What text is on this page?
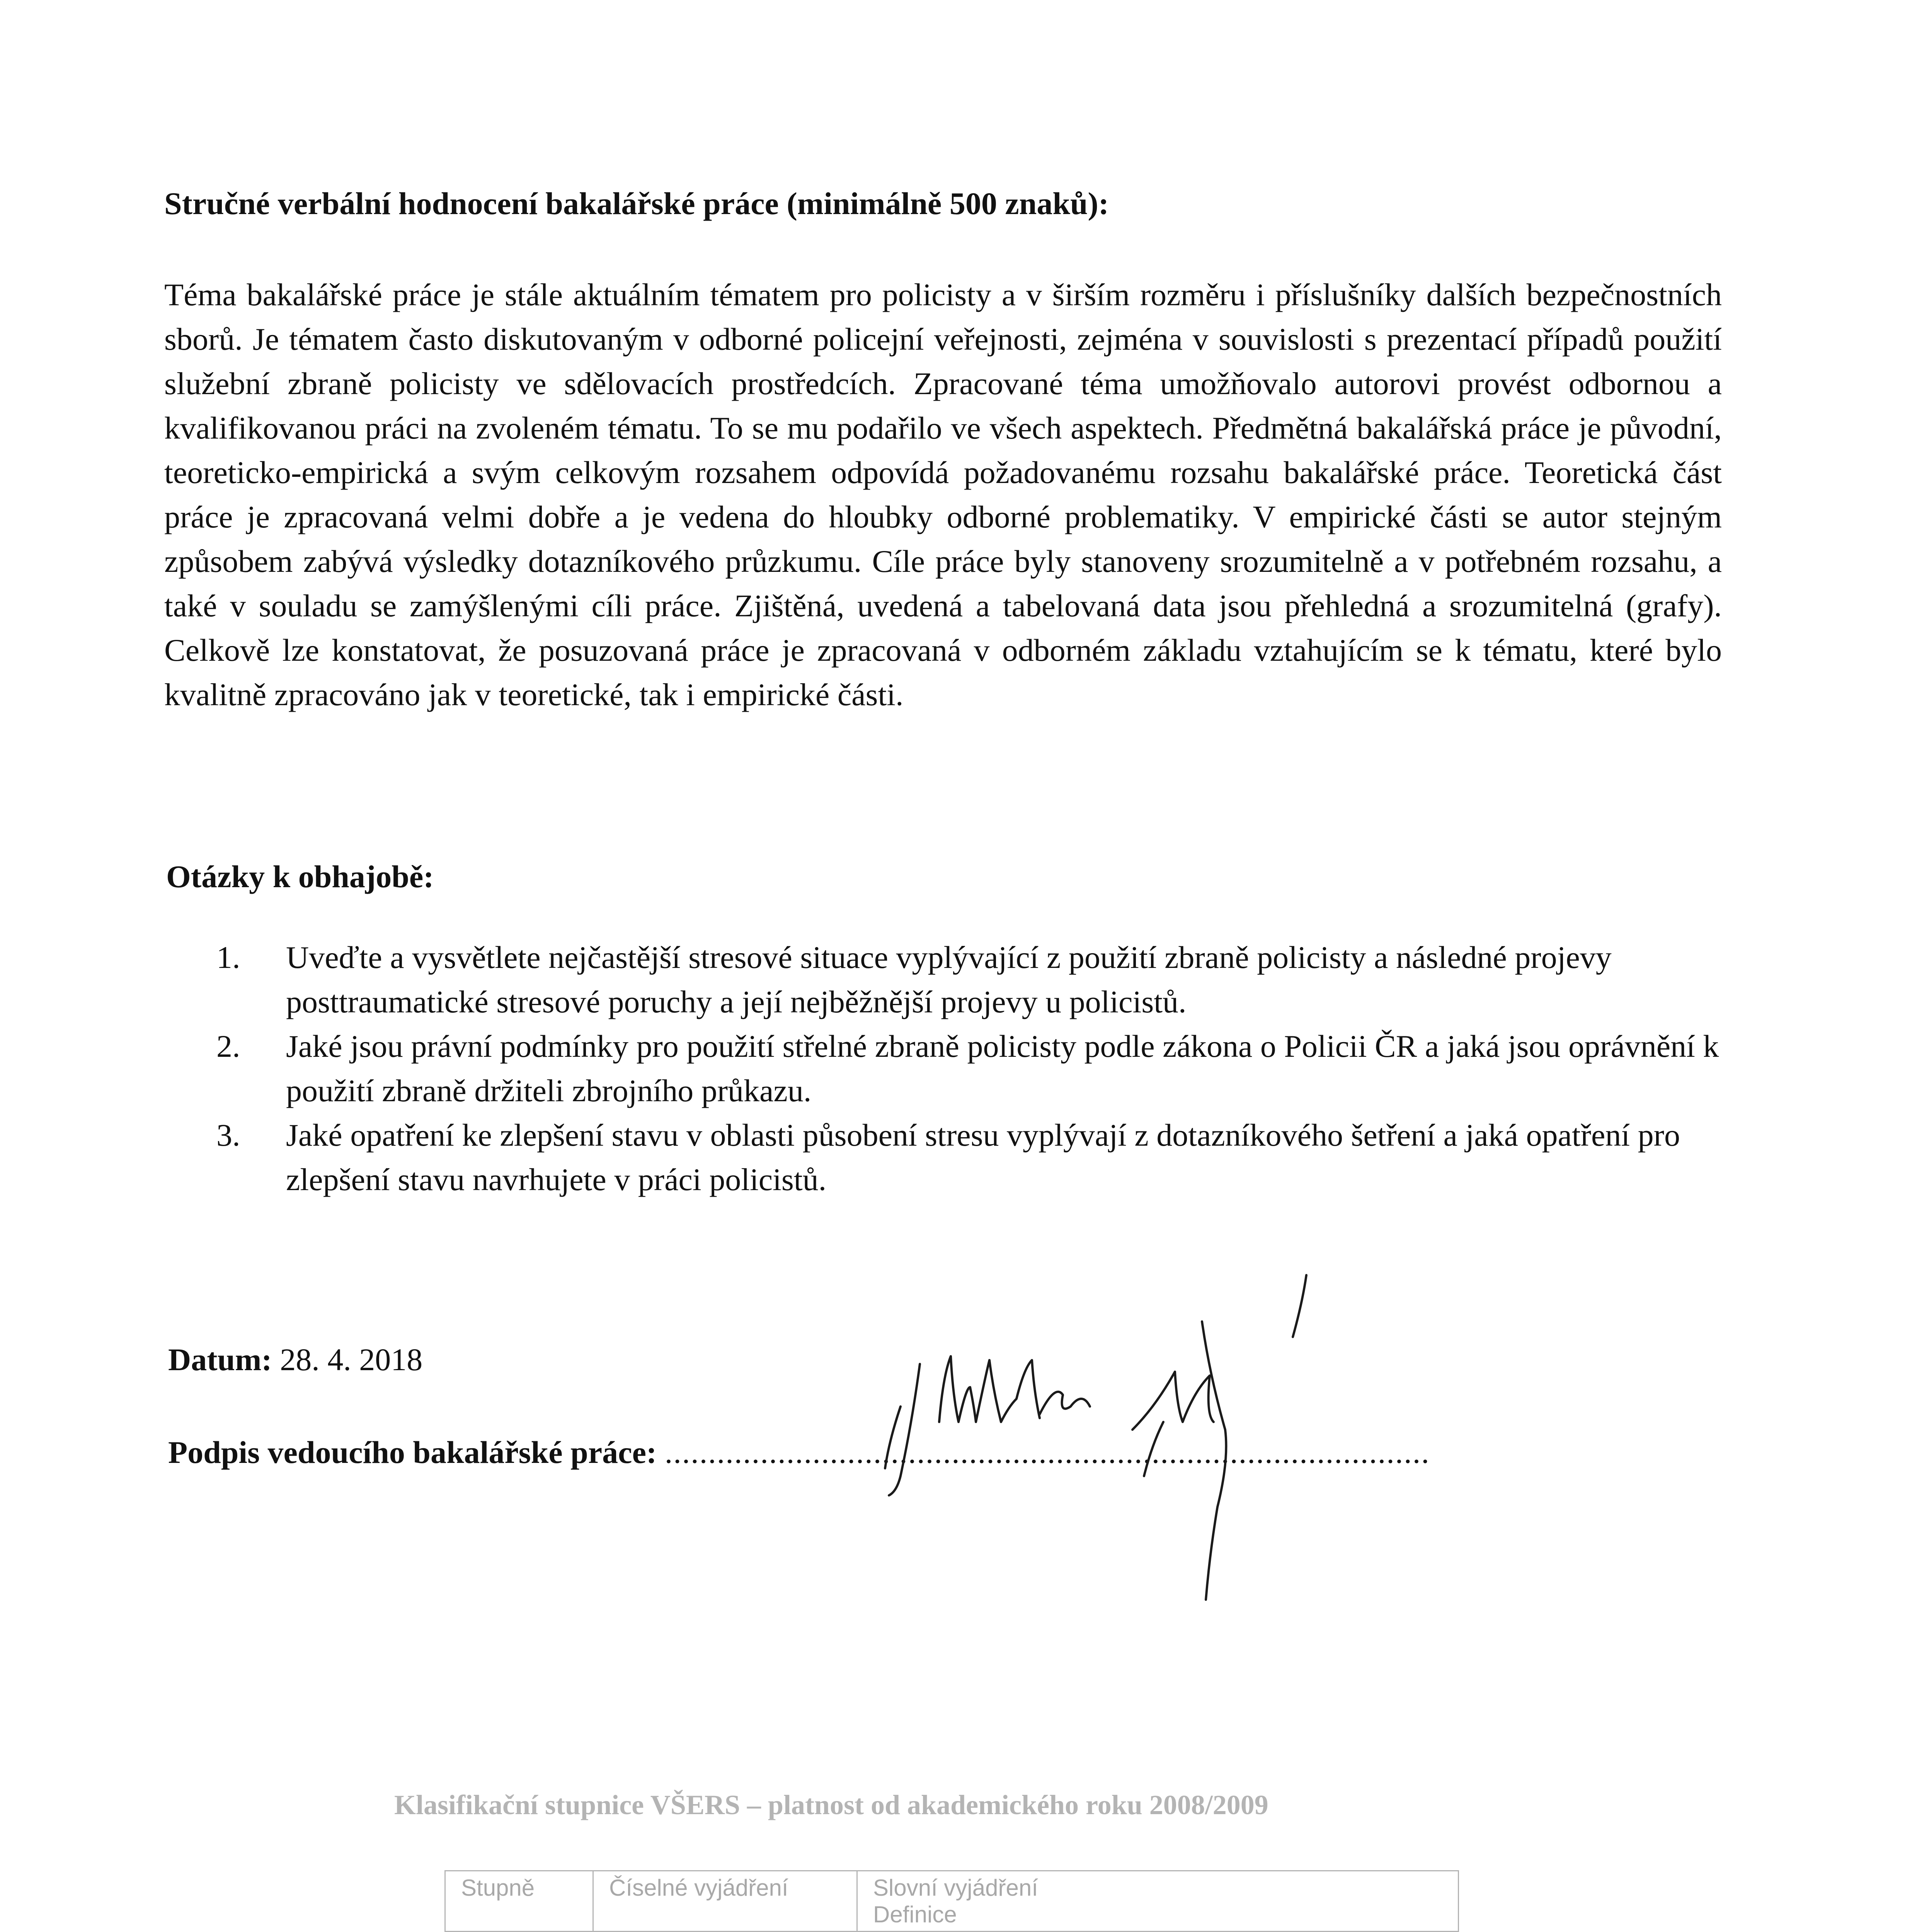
Stručné verbální hodnocení bakalářské práce (minimálně 500 znaků):

Téma bakalářské práce je stále aktuálním tématem pro policisty a v širším rozměru i příslušníky dalších bezpečnostních sborů. Je tématem často diskutovaným v odborné policejní veřejnosti, zejména v souvislosti s prezentací případů použití služební zbraně policisty ve sdělovacích prostředcích. Zpracované téma umožňovalo autorovi provést odbornou a kvalifikovanou práci na zvoleném tématu. To se mu podařilo ve všech aspektech. Předmětná bakalářská práce je původní, teoreticko-empirická a svým celkovým rozsahem odpovídá požadovanému rozsahu bakalářské práce. Teoretická část práce je zpracovaná velmi dobře a je vedena do hloubky odborné problematiky. V empirické části se autor stejným způsobem zabývá výsledky dotazníkového průzkumu. Cíle práce byly stanoveny srozumitelně a v potřebném rozsahu, a také v souladu se zamýšlenými cíli práce. Zjištěná, uvedená a tabelovaná data jsou přehledná a srozumitelná (grafy). Celkově lze konstatovat, že posuzovaná práce je zpracovaná v odborném základu vztahujícím se k tématu, které bylo kvalitně zpracováno jak v teoretické, tak i empirické části.

Otázky k obhajobě:
1. Uveďte a vysvětlete nejčastější stresové situace vyplývající z použití zbraně policisty a následné projevy posttraumatické stresové poruchy a její nejběžnější projevy u policistů.
2. Jaké jsou právní podmínky pro použití střelné zbraně policisty podle zákona o Policii ČR a jaká jsou oprávnění k použití zbraně držiteli zbrojního průkazu.
3. Jaké opatření ke zlepšení stavu v oblasti působení stresu vyplývají z dotazníkového šetření a jaká opatření pro zlepšení stavu navrhujete v práci policistů.
Datum: 28. 4. 2018
Podpis vedoucího bakalářské práce: ........................................................................................
Klasifikační stupnice VŠERS – platnost od akademického roku 2008/2009
Stupně	Číselné vyjádření	Slovní vyjádření
Definice
